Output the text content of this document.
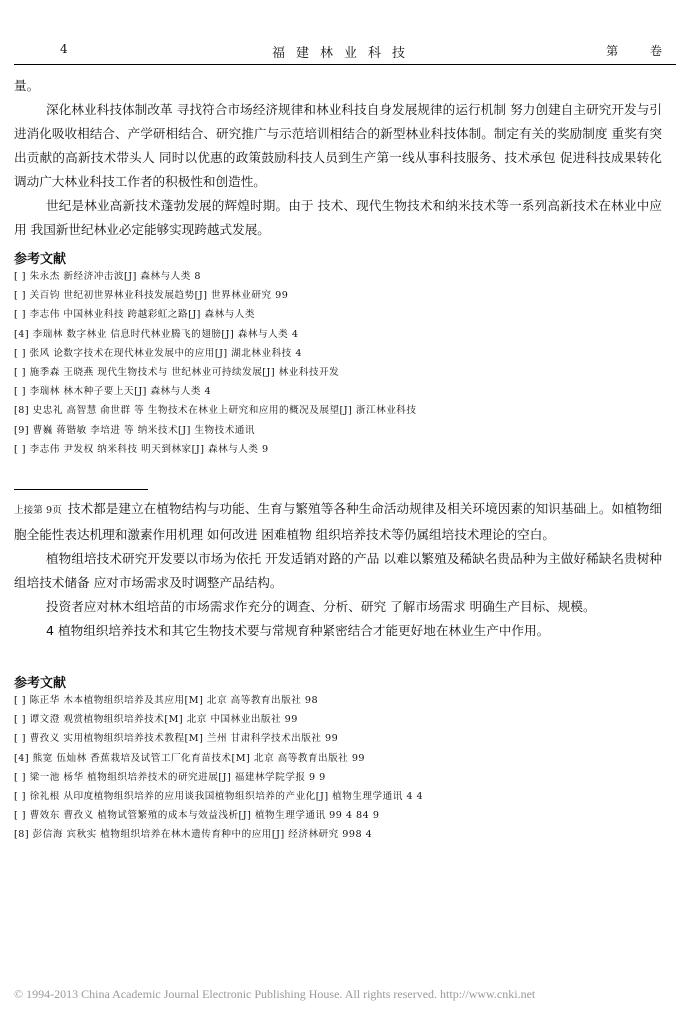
4	福建林业科技	第 卷

量。

深化林业科技体制改革 寻找符合市场经济规律和林业科技自身发展规律的运行机制 努力创建自主研究开发与引进消化吸收相结合、产学研相结合、研究推广与示范培训相结合的新型林业科技体制。制定有关的奖励制度 重奖有突出贡献的高新技术带头人 同时以优惠的政策鼓励科技人员到生产第一线从事科技服务、技术承包 促进科技成果转化 调动广大林业科技工作者的积极性和创造性。

世纪是林业高新技术蓬勃发展的辉煌时期。由于 技术、现代生物技术和纳米技术等一系列高新技术在林业中应用 我国新世纪林业必定能够实现跨越式发展。

参考文献
[ ] 朱永杰 新经济冲击波[J] 森林与人类 8
[ ] 关百钧 世纪初世界林业科技发展趋势[J] 世界林业研究 99
[ ] 李志伟 中国林业科技 跨越彩虹之路[J] 森林与人类
[4] 李瑞林 数字林业 信息时代林业腾飞的翅膀[J] 森林与人类 4
[ ] 张风 论数字技术在现代林业发展中的应用[J] 湖北林业科技 4
[ ] 施季森 王晓燕 现代生物技术与 世纪林业可持续发展[J] 林业科技开发
[ ] 李瑞林 林木种子要上天[J] 森林与人类 4
[8] 史忠礼 高智慧 俞世群 等 生物技术在林业上研究和应用的概况及展望[J] 浙江林业科技
[9] 曹巍 蒋锴敏 李培进 等 纳米技术[J] 生物技术通讯
[ ] 李志伟 尹发权 纳米科技 明天到林家[J] 森林与人类 9

上接第 9页 技术都是建立在植物结构与功能、生育与繁殖等各种生命活动规律及相关环境因素的知识基础上。如植物细胞全能性表达机理和激素作用机理 如何改进 困难植物 组织培养技术等仍属组培技术理论的空白。

植物组培技术研究开发要以市场为依托 开发适销对路的产品 以难以繁殖及稀缺名贵品种为主做好稀缺名贵树种组培技术储备 应对市场需求及时调整产品结构。

投资者应对林木组培苗的市场需求作充分的调查、分析、研究 了解市场需求 明确生产目标、规模。

4 植物组织培养技术和其它生物技术要与常规育种紧密结合才能更好地在林业生产中作用。

参考文献
[ ] 陈正华 木本植物组织培养及其应用[M] 北京 高等教育出版社 98
[ ] 谭文澄 观赏植物组织培养技术[M] 北京 中国林业出版社 99
[ ] 曹孜义 实用植物组织培养技术教程[M] 兰州 甘肃科学技术出版社 99
[4] 熊宽 伍灿林 香蕉栽培及试管工厂化育苗技术[M] 北京 高等教育出版社 99
[ ] 梁一池 杨华 植物组织培养技术的研究进展[J] 福建林学院学报 9 9
[ ] 徐礼根 从印度植物组织培养的应用谈我国植物组织培养的产业化[J] 植物生理学通讯 4 4
[ ] 曹效东 曹孜义 植物试管繁殖的成本与效益浅析[J] 植物生理学通讯 99 4 84 9
[8] 彭信海 宾秋实 植物组织培养在林木遗传育种中的应用[J] 经济林研究 998 4
© 1994-2013 China Academic Journal Electronic Publishing House. All rights reserved. http://www.cnki.net
